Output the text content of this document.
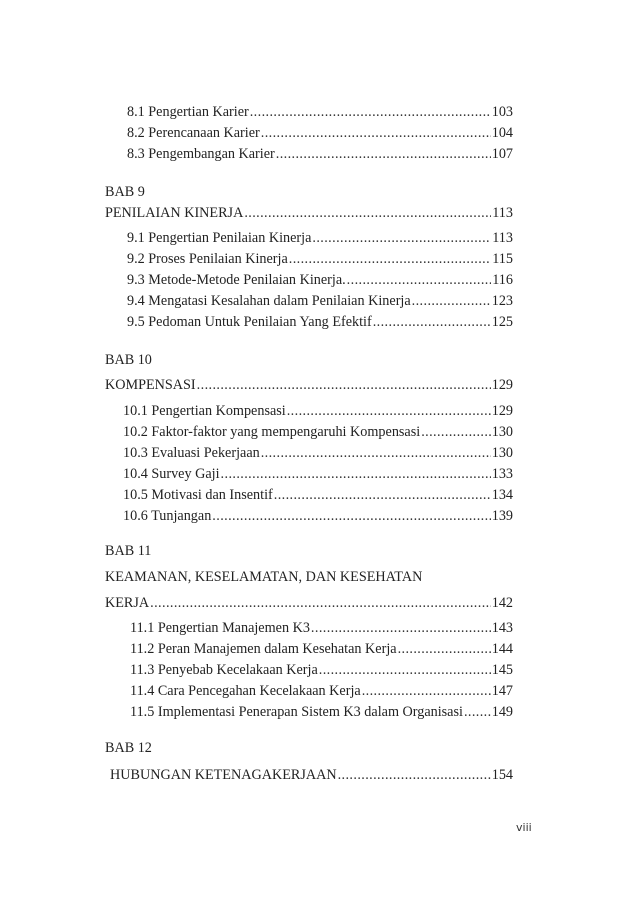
8.1 Pengertian Karier .....	103
8.2 Perencanaan Karier .....	104
8.3 Pengembangan Karier .....	107
BAB 9
PENILAIAN KINERJA .....	113
9.1 Pengertian Penilaian Kinerja .....	113
9.2 Proses Penilaian Kinerja .....	115
9.3 Metode-Metode Penilaian Kinerja. .....	116
9.4 Mengatasi Kesalahan dalam Penilaian Kinerja .....	123
9.5 Pedoman Untuk Penilaian Yang Efektif .....	125
BAB 10
KOMPENSASI .....	129
10.1 Pengertian Kompensasi .....	129
10.2 Faktor-faktor yang mempengaruhi Kompensasi .....	130
10.3 Evaluasi Pekerjaan .....	130
10.4 Survey Gaji .....	133
10.5 Motivasi dan Insentif .....	134
10.6 Tunjangan .....	139
BAB 11
KEAMANAN, KESELAMATAN, DAN KESEHATAN
KERJA .....	142
11.1 Pengertian Manajemen K3 .....	143
11.2 Peran Manajemen dalam Kesehatan Kerja .....	144
11.3 Penyebab Kecelakaan Kerja .....	145
11.4 Cara Pencegahan Kecelakaan Kerja .....	147
11.5 Implementasi Penerapan Sistem K3 dalam Organisasi ..... 149
BAB 12
HUBUNGAN KETENAGAKERJAAN .....	154
viii
